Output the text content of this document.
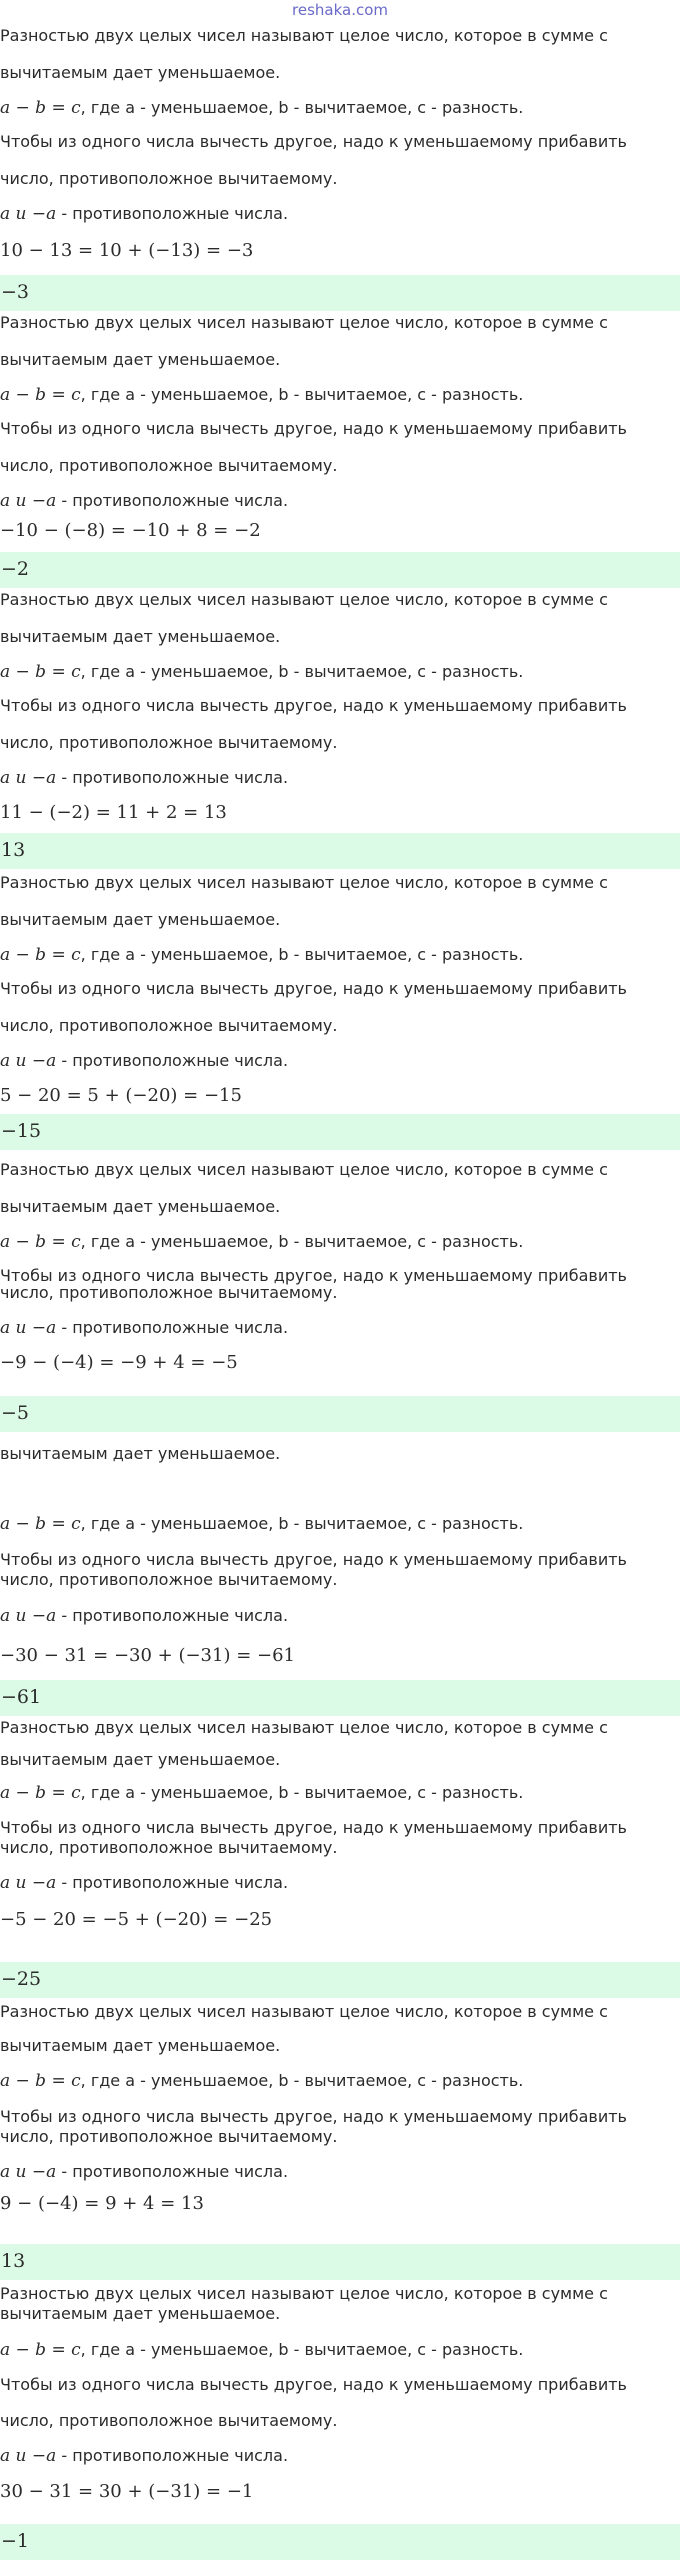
reshaka.com
Разностью двух целых чисел называют целое число, которое в сумме с
вычитаемым дает уменьшаемое.
a − b = c, где a - уменьшаемое, b - вычитаемое, c - разность.
Чтобы из одного числа вычесть другое, надо к уменьшаемому прибавить
число, противоположное вычитаемому.
a и −a - противоположные числа.
10 − 13 = 10 + (−13) = −3
−3
Разностью двух целых чисел называют целое число, которое в сумме с
вычитаемым дает уменьшаемое.
a − b = c, где a - уменьшаемое, b - вычитаемое, c - разность.
Чтобы из одного числа вычесть другое, надо к уменьшаемому прибавить
число, противоположное вычитаемому.
a и −a - противоположные числа.
−10 − (−8) = −10 + 8 = −2
−2
Разностью двух целых чисел называют целое число, которое в сумме с
вычитаемым дает уменьшаемое.
a − b = c, где a - уменьшаемое, b - вычитаемое, c - разность.
Чтобы из одного числа вычесть другое, надо к уменьшаемому прибавить
число, противоположное вычитаемому.
a и −a - противоположные числа.
11 − (−2) = 11 + 2 = 13
13
Разностью двух целых чисел называют целое число, которое в сумме с
вычитаемым дает уменьшаемое.
a − b = c, где a - уменьшаемое, b - вычитаемое, c - разность.
Чтобы из одного числа вычесть другое, надо к уменьшаемому прибавить
число, противоположное вычитаемому.
a и −a - противоположные числа.
5 − 20 = 5 + (−20) = −15
−15
Разностью двух целых чисел называют целое число, которое в сумме с
вычитаемым дает уменьшаемое.
a − b = c, где a - уменьшаемое, b - вычитаемое, c - разность.
Чтобы из одного числа вычесть другое, надо к уменьшаемому прибавить
число, противоположное вычитаемому.
a и −a - противоположные числа.
−9 − (−4) = −9 + 4 = −5
−5
вычитаемым дает уменьшаемое.
a − b = c, где a - уменьшаемое, b - вычитаемое, c - разность.
Чтобы из одного числа вычесть другое, надо к уменьшаемому прибавить
число, противоположное вычитаемому.
a и −a - противоположные числа.
−30 − 31 = −30 + (−31) = −61
−61
Разностью двух целых чисел называют целое число, которое в сумме с
вычитаемым дает уменьшаемое.
a − b = c, где a - уменьшаемое, b - вычитаемое, c - разность.
Чтобы из одного числа вычесть другое, надо к уменьшаемому прибавить
число, противоположное вычитаемому.
a и −a - противоположные числа.
−5 − 20 = −5 + (−20) = −25
−25
Разностью двух целых чисел называют целое число, которое в сумме с
вычитаемым дает уменьшаемое.
a − b = c, где a - уменьшаемое, b - вычитаемое, c - разность.
Чтобы из одного числа вычесть другое, надо к уменьшаемому прибавить
число, противоположное вычитаемому.
a и −a - противоположные числа.
9 − (−4) = 9 + 4 = 13
13
Разностью двух целых чисел называют целое число, которое в сумме с
вычитаемым дает уменьшаемое.
a − b = c, где a - уменьшаемое, b - вычитаемое, c - разность.
Чтобы из одного числа вычесть другое, надо к уменьшаемому прибавить
число, противоположное вычитаемому.
a и −a - противоположные числа.
30 − 31 = 30 + (−31) = −1
−1
